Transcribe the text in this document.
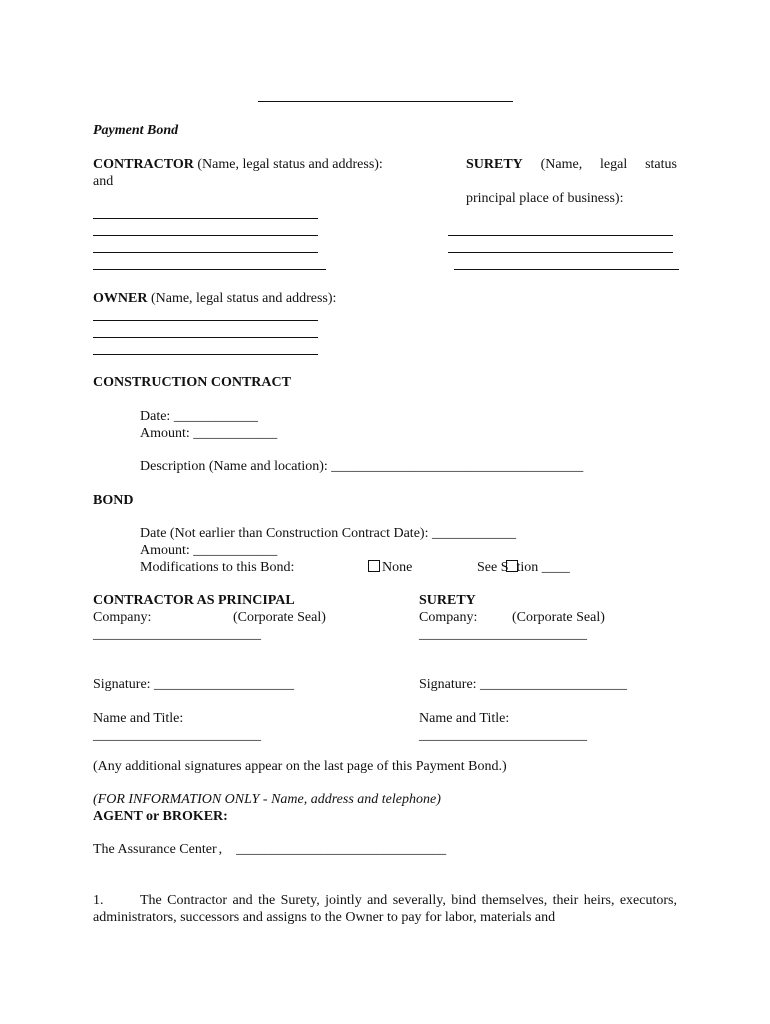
Payment Bond
CONTRACTOR (Name, legal status and address):
and
SURETY (Name, legal status
principal place of business):
OWNER (Name, legal status and address):
CONSTRUCTION CONTRACT
Date: ____________
Amount: ____________
Description (Name and location): ____________________________________
BOND
Date (Not earlier than Construction Contract Date): ____________
Amount: ____________
Modifications to this Bond:	None	See S tion ____
CONTRACTOR AS PRINCIPAL	SURETY
Company:	(Corporate Seal)	Company: (Corporate Seal)
________________________	________________________
Signature: ____________________	Signature: _____________________
Name and Title:	Name and Title:
________________________	________________________
(Any additional signatures appear on the last page of this Payment Bond.)
(FOR INFORMATION ONLY - Name, address and telephone)
AGENT or BROKER:
The Assurance Center , ______________________________
1.	The Contractor and the Surety, jointly and severally, bind themselves, their heirs, executors, administrators, successors and assigns to the Owner to pay for labor, materials and
